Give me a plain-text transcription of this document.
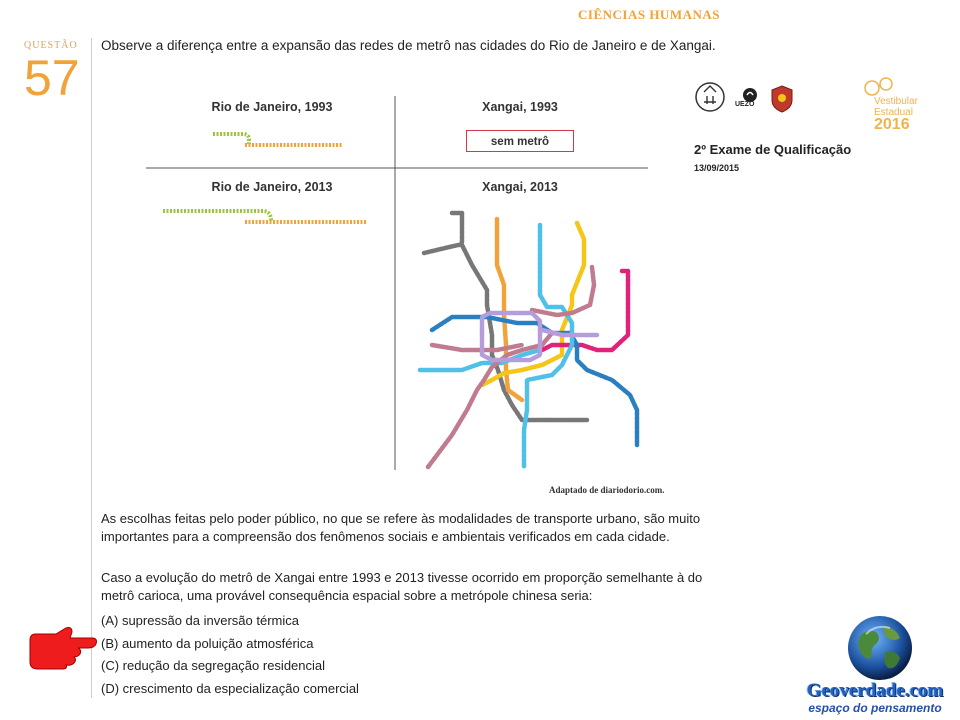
CIÊNCIAS HUMANAS
QUESTÃO
57
Observe a diferença entre a expansão das redes de metrô nas cidades do Rio de Janeiro e de Xangai.
Rio de Janeiro, 1993	Xangai, 1993
Rio de Janeiro, 2013	Xangai, 2013
sem metrô
Adaptado de diariodorio.com.
As escolhas feitas pelo poder público, no que se refere às modalidades de transporte urbano, são muito importantes para a compreensão dos fenômenos sociais e ambientais verificados em cada cidade.
Caso a evolução do metrô de Xangai entre 1993 e 2013 tivesse ocorrido em proporção semelhante à do metrô carioca, uma provável consequência espacial sobre a metrópole chinesa seria:
(A) supressão da inversão térmica
(B) aumento da poluição atmosférica
(C) redução da segregação residencial
(D) crescimento da especialização comercial
UEZO	Vestibular
Estadual
2016
2º Exame de Qualificação
13/09/2015
Geoverdade.com
espaço do pensamento
